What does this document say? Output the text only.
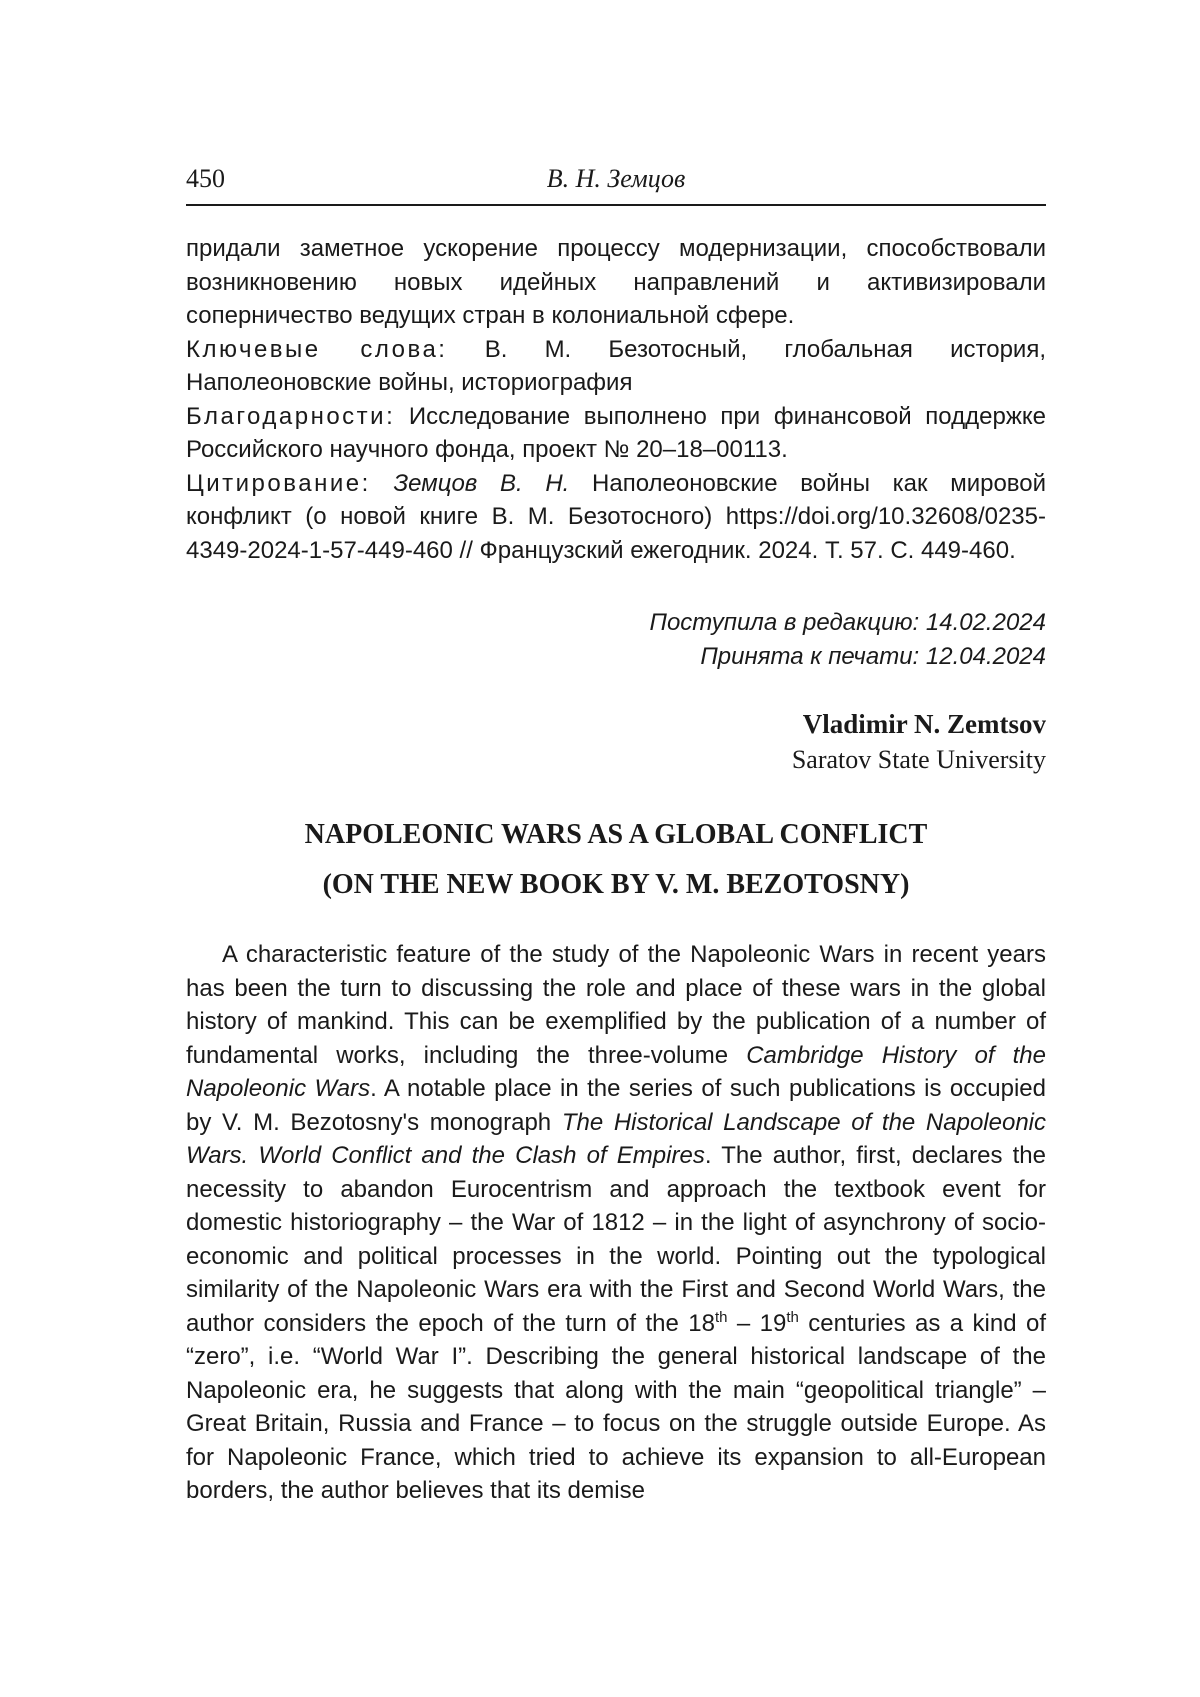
450	В. Н. Земцов

придали заметное ускорение процессу модернизации, способствовали возникновению новых идейных направлений и активизировали соперничество ведущих стран в колониальной сфере.

Ключевые слова: В. М. Безотосный, глобальная история, Наполеоновские войны, историография

Благодарности: Исследование выполнено при финансовой поддержке Российского научного фонда, проект № 20–18–00113.

Цитирование: Земцов В. Н. Наполеоновские войны как мировой конфликт (о новой книге В. М. Безотосного) https://doi.org/10.32608/0235-4349-2024-1-57-449-460 // Французский ежегодник. 2024. Т. 57. С. 449-460.

Поступила в редакцию: 14.02.2024
Принята к печати: 12.04.2024
Vladimir N. Zemtsov
Saratov State University
NAPOLEONIC WARS AS A GLOBAL CONFLICT
(ON THE NEW BOOK BY V. M. BEZOTOSNY)

A characteristic feature of the study of the Napoleonic Wars in recent years has been the turn to discussing the role and place of these wars in the global history of mankind. This can be exemplified by the publication of a number of fundamental works, including the three-volume Cambridge History of the Napoleonic Wars. A notable place in the series of such publications is occupied by V. M. Bezotosny's monograph The Historical Landscape of the Napoleonic Wars. World Conflict and the Clash of Empires. The author, first, declares the necessity to abandon Eurocentrism and approach the textbook event for domestic historiography – the War of 1812 – in the light of asynchrony of socio-economic and political processes in the world. Pointing out the typological similarity of the Napoleonic Wars era with the First and Second World Wars, the author considers the epoch of the turn of the 18th – 19th centuries as a kind of “zero”, i.e. “World War I”. Describing the general historical landscape of the Napoleonic era, he suggests that along with the main “geopolitical triangle” – Great Britain, Russia and France – to focus on the struggle outside Europe. As for Napoleonic France, which tried to achieve its expansion to all-European borders, the author believes that its demise
